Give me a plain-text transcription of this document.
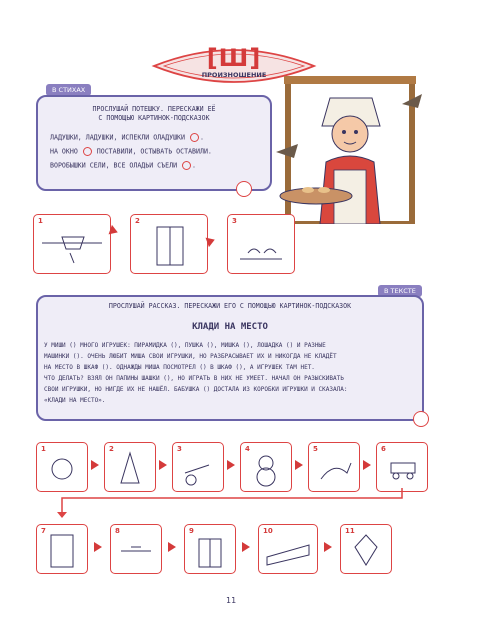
[Ш]
ПРОИЗНОШЕНИЕ
В СТИХАХ
ПРОСЛУШАЙ ПОТЕШКУ. ПЕРЕСКАЖИ ЕЁ
С ПОМОЩЬЮ КАРТИНОК-ПОДСКАЗОК
ЛАДУШКИ, ЛАДУШКИ, ИСПЕКЛИ ОЛАДУШКИ .
НА ОКНО	ПОСТАВИЛИ, ОСТЫВАТЬ ОСТАВИЛИ.
ВОРОБЫШКИ СЕЛИ, ВСЕ ОЛАДЬИ СЪЕЛИ .
1	2	3
В ТЕКСТЕ
ПРОСЛУШАЙ РАССКАЗ. ПЕРЕСКАЖИ ЕГО С ПОМОЩЬЮ КАРТИНОК-ПОДСКАЗОК
КЛАДИ НА МЕСТО
У МИШИ () МНОГО ИГРУШЕК: ПИРАМИДКА (), ПУШКА (), МИШКА (), ЛОШАДКА () И РАЗНЫЕ
МАШИНКИ (). ОЧЕНЬ ЛЮБИТ МИША СВОИ ИГРУШКИ, НО РАЗБРАСЫВАЕТ ИХ И НИКОГДА НЕ КЛАДЁТ
НА МЕСТО В ШКАФ (). ОДНАЖДЫ МИША ПОСМОТРЕЛ () В ШКАФ (), А ИГРУШЕК ТАМ НЕТ.
ЧТО ДЕЛАТЬ? ВЗЯЛ ОН ПАПИНЫ ШАШКИ (), НО ИГРАТЬ В НИХ НЕ УМЕЕТ. НАЧАЛ ОН РАЗЫСКИВАТЬ
СВОИ ИГРУШКИ, НО НИГДЕ ИХ НЕ НАШЁЛ. БАБУШКА () ДОСТАЛА ИЗ КОРОБКИ ИГРУШКИ И СКАЗАЛА:
«КЛАДИ НА МЕСТО».
1	2	3	4	5	6
7	8	9	10	11
11
